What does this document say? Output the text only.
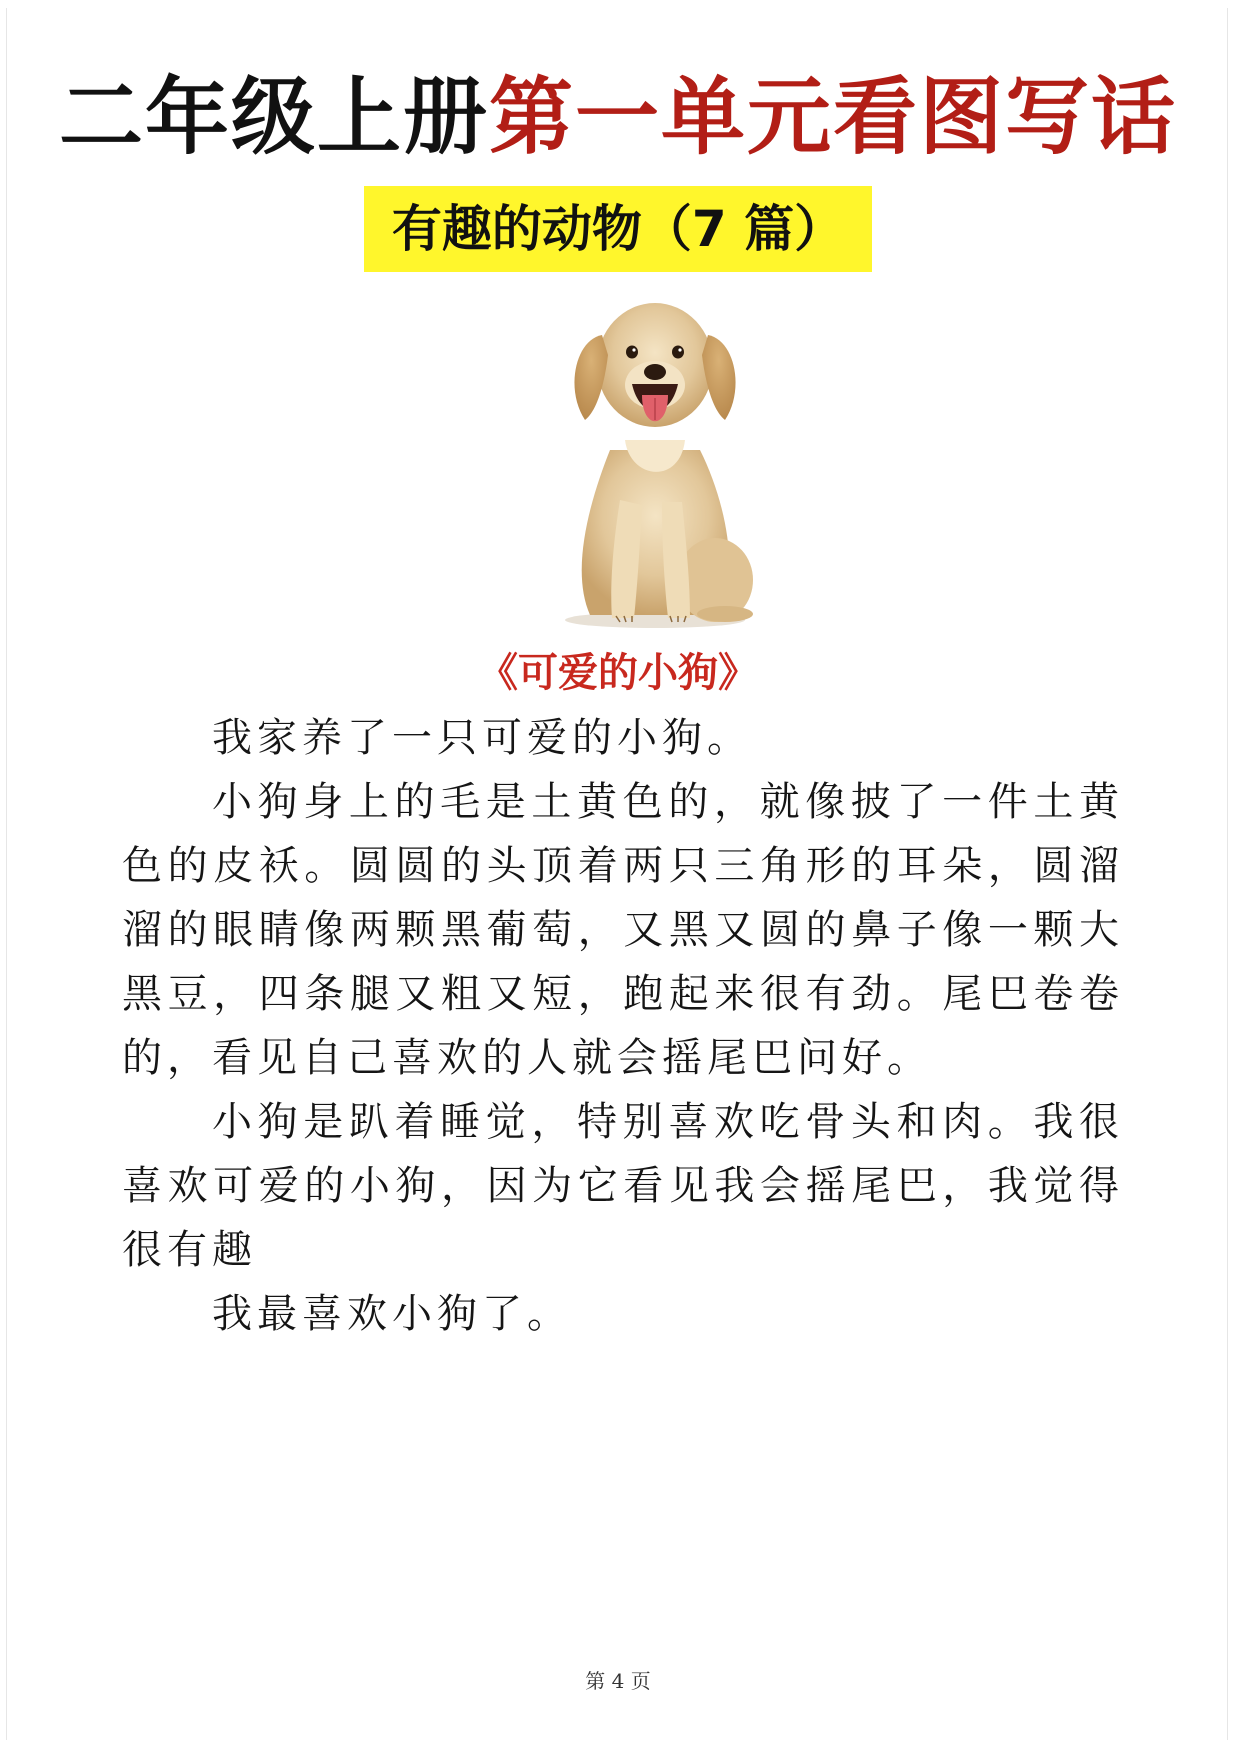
二年级上册第一单元看图写话
有趣的动物（7 篇）
《可爱的小狗》

我家养了一只可爱的小狗。

小狗身上的毛是土黄色的，就像披了一件土黄色的皮袄。圆圆的头顶着两只三角形的耳朵，圆溜溜的眼睛像两颗黑葡萄，又黑又圆的鼻子像一颗大黑豆，四条腿又粗又短，跑起来很有劲。尾巴卷卷的，看见自己喜欢的人就会摇尾巴问好。

小狗是趴着睡觉，特别喜欢吃骨头和肉。我很喜欢可爱的小狗，因为它看见我会摇尾巴，我觉得很有趣

我最喜欢小狗了。

第 4 页
